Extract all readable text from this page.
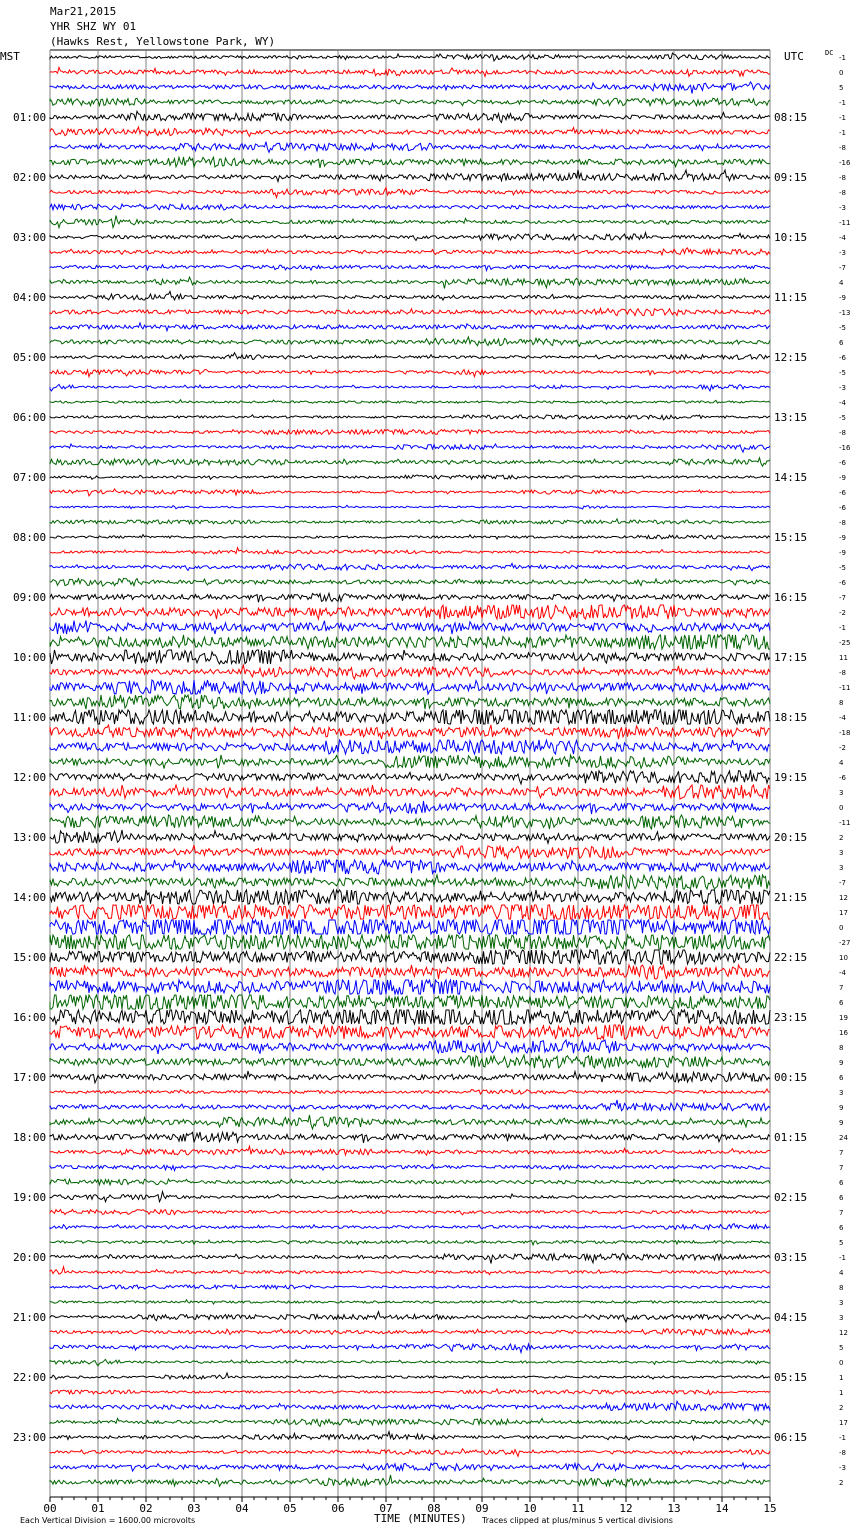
Mar21,2015
YHR SHZ WY 01
(Hawks Rest, Yellowstone Park, WY)
MST	UTC	DC
-1
0
5
-1
-1
-1
-8
-16
-8
-8
-3
-11
-4
-3
-7
4
-9
-13
-5
6
-6
-5
-3
-4
-5
-8
-16
-6
-9
-6
-6
-8
-9
-9
-5
-6
-7
-2
-1
-25
11
-8
-11
8
-4
-18
-2
4
-6
3
0
-11
2
3
3
-7
12
17
0
-27
10
-4
7
6
19
16
8
9
6
3
9
9
24
7
7
6
6
7
6
5
-1
4
8
3
3
12
5
0
1
1
2
17
-1
-8
-3
2
01:00
02:00
03:00
04:00
05:00
06:00
07:00
08:00
09:00
10:00
11:00
12:00
13:00
14:00
15:00
16:00
17:00
18:00
19:00
20:00
21:00
22:00
23:00
08:15
09:15
10:15
11:15
12:15
13:15
14:15
15:15
16:15
17:15
18:15
19:15
20:15
21:15
22:15
23:15
00:15
01:15
02:15
03:15
04:15
05:15
06:15
00	01	02	03	04	05	06	07	08	09	10	11	12	13	14	15
TIME (MINUTES)
Each Vertical Division = 1600.00 microvolts	Traces clipped at plus/minus 5 vertical divisions
